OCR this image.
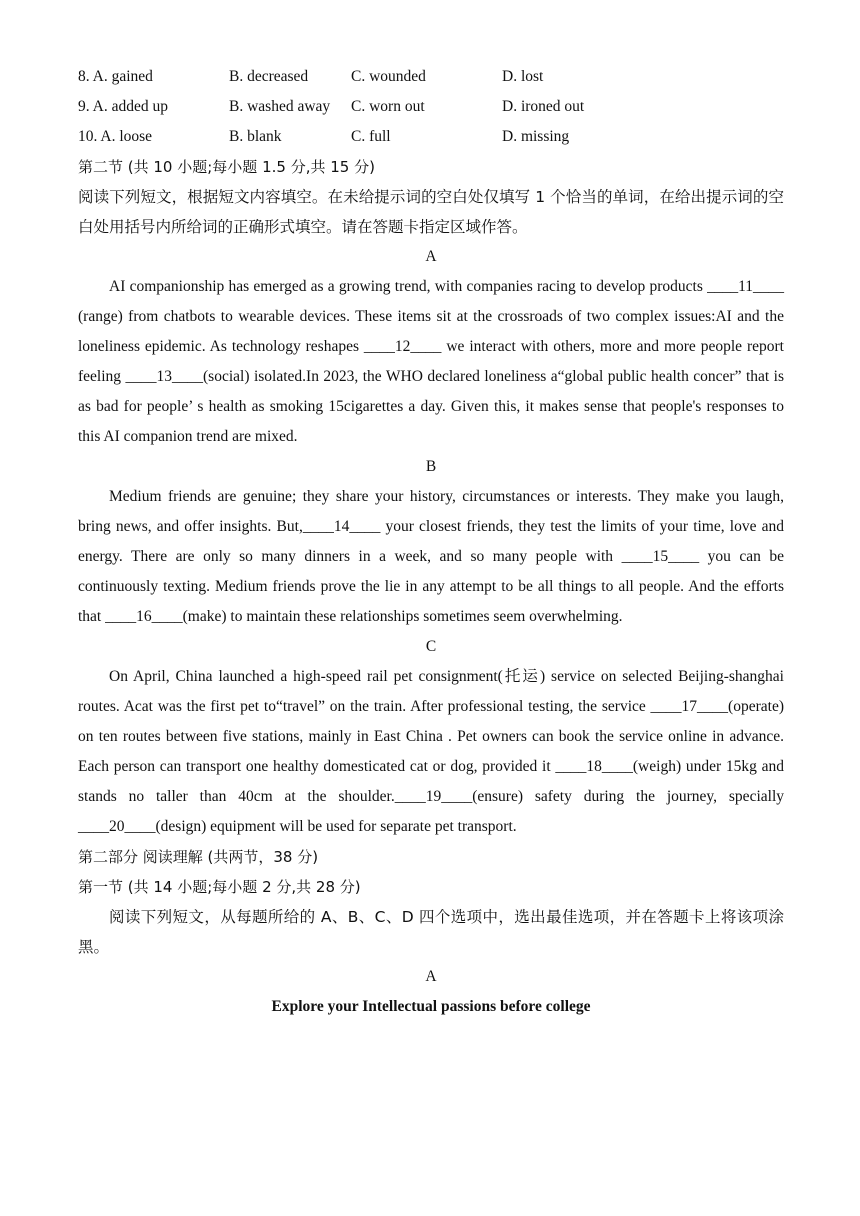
8. A. gained	B. decreased	C. wounded	D. lost
9. A. added up	B. washed away	C. worn out	D. ironed out
10. A. loose	B. blank	C. full	D. missing
第二节 (共 10 小题;每小题 1.5 分,共 15 分)

阅读下列短文，根据短文内容填空。在未给提示词的空白处仅填写 1 个恰当的单词，在给出提示词的空白处用括号内所给词的正确形式填空。请在答题卡指定区域作答。

A

AI companionship has emerged as a growing trend, with companies racing to develop products ____11____ (range) from chatbots to wearable devices. These items sit at the crossroads of two complex issues:AI and the loneliness epidemic. As technology reshapes ____12____ we interact with others, more and more people report feeling ____13____(social) isolated.In 2023, the WHO declared loneliness a“global public health concer” that is as bad for people’ s health as smoking 15cigarettes a day. Given this, it makes sense that people's responses to this AI companion trend are mixed.

B

Medium friends are genuine; they share your history, circumstances or interests. They make you laugh, bring news, and offer insights. But,____14____ your closest friends, they test the limits of your time, love and energy. There are only so many dinners in a week, and so many people with ____15____ you can be continuously texting. Medium friends prove the lie in any attempt to be all things to all people. And the efforts that ____16____(make) to maintain these relationships sometimes seem overwhelming.

C

On April, China launched a high-speed rail pet consignment(托运) service on selected Beijing-shanghai routes. Acat was the first pet to“travel” on the train. After professional testing, the service ____17____(operate) on ten routes between five stations, mainly in East China . Pet owners can book the service online in advance. Each person can transport one healthy domesticated cat or dog, provided it ____18____(weigh) under 15kg and stands no taller than 40cm at the shoulder.____19____(ensure) safety during the journey, specially ____20____(design) equipment will be used for separate pet transport.

第二部分 阅读理解 (共两节，38 分)
第一节 (共 14 小题;每小题 2 分,共 28 分)

阅读下列短文，从每题所给的 A、B、C、D 四个选项中，选出最佳选项，并在答题卡上将该项涂黑。

A
Explore your Intellectual passions before college
